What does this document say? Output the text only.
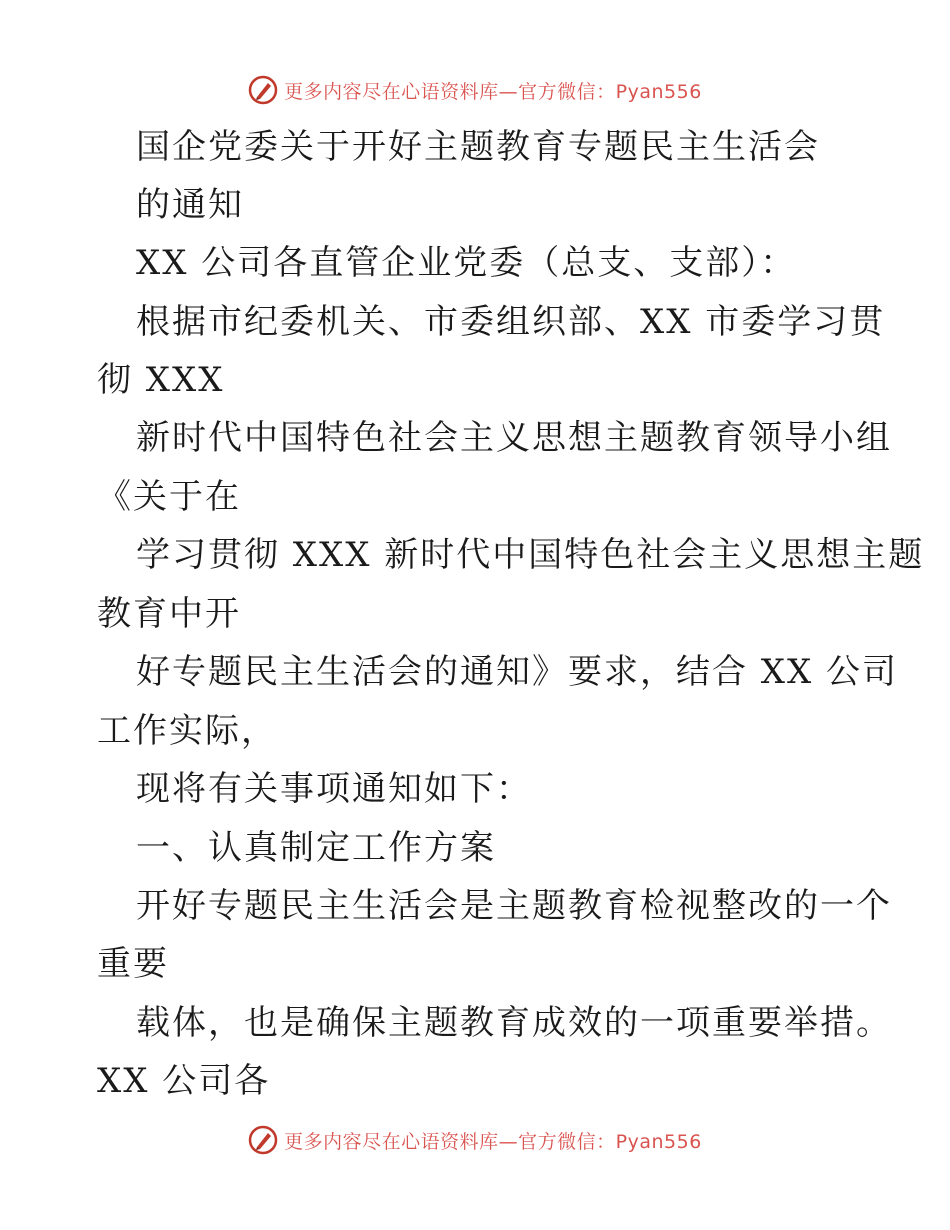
更多内容尽在心语资料库—官方微信：Pyan556
国企党委关于开好主题教育专题民主生活会
的通知
XX 公司各直管企业党委（总支、支部）：
根据市纪委机关、市委组织部、XX 市委学习贯
彻 XXX
新时代中国特色社会主义思想主题教育领导小组
《关于在
学习贯彻 XXX 新时代中国特色社会主义思想主题
教育中开
好专题民主生活会的通知》要求，结合 XX 公司
工作实际，
现将有关事项通知如下：
一、认真制定工作方案
开好专题民主生活会是主题教育检视整改的一个
重要
载体，也是确保主题教育成效的一项重要举措。
XX 公司各
更多内容尽在心语资料库—官方微信：Pyan556
